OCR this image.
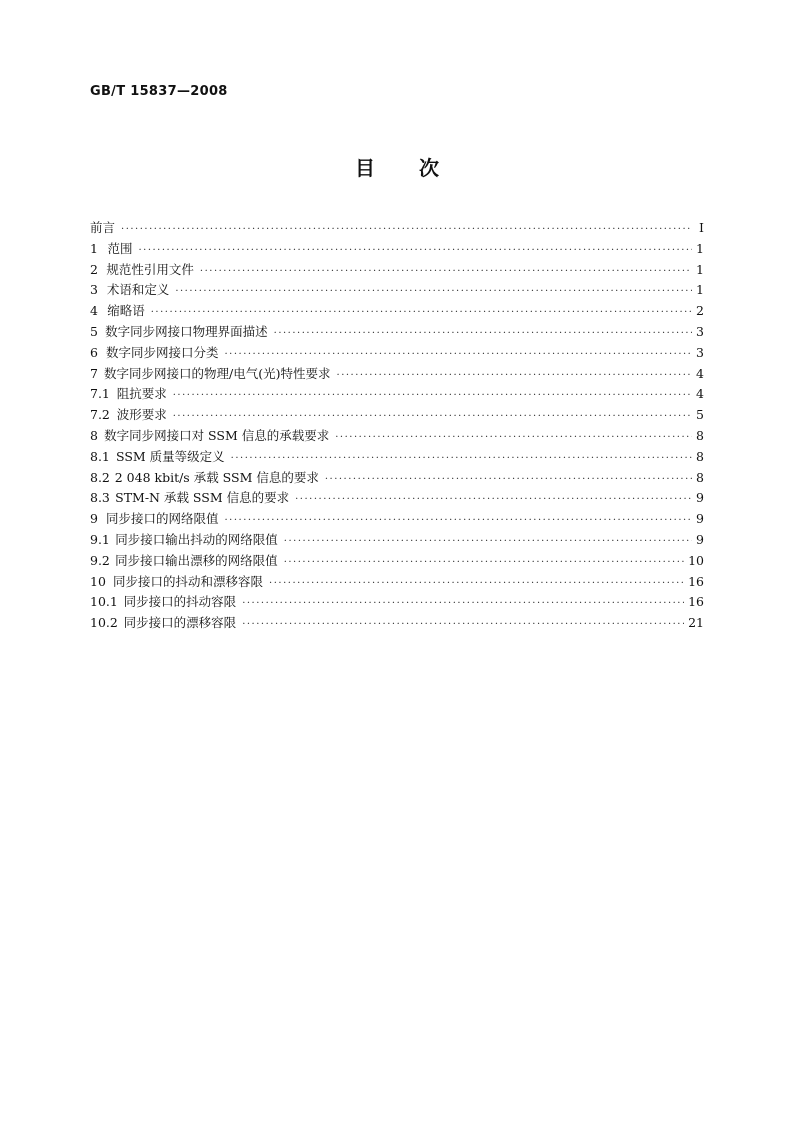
GB/T 15837—2008
目 次
前言 ·····	Ⅰ
1 范围 ·····	1
2 规范性引用文件 ·····	1
3 术语和定义 ·····	1
4 缩略语 ·····	2
5 数字同步网接口物理界面描述 ·····	3
6 数字同步网接口分类 ·····	3
7 数字同步网接口的物理/电气(光)特性要求 ·····	4
7.1 阻抗要求 ·····	4
7.2 波形要求 ·····	5
8 数字同步网接口对 SSM 信息的承载要求 ·····	8
8.1 SSM 质量等级定义 ·····	8
8.2 2 048 kbit/s 承载 SSM 信息的要求 ·····	8
8.3 STM-N 承载 SSM 信息的要求 ·····	9
9 同步接口的网络限值 ·····	9
9.1 同步接口输出抖动的网络限值 ·····	9
9.2 同步接口输出漂移的网络限值 ·····	10
10 同步接口的抖动和漂移容限 ·····	16
10.1 同步接口的抖动容限 ·····	16
10.2 同步接口的漂移容限 ·····	21
